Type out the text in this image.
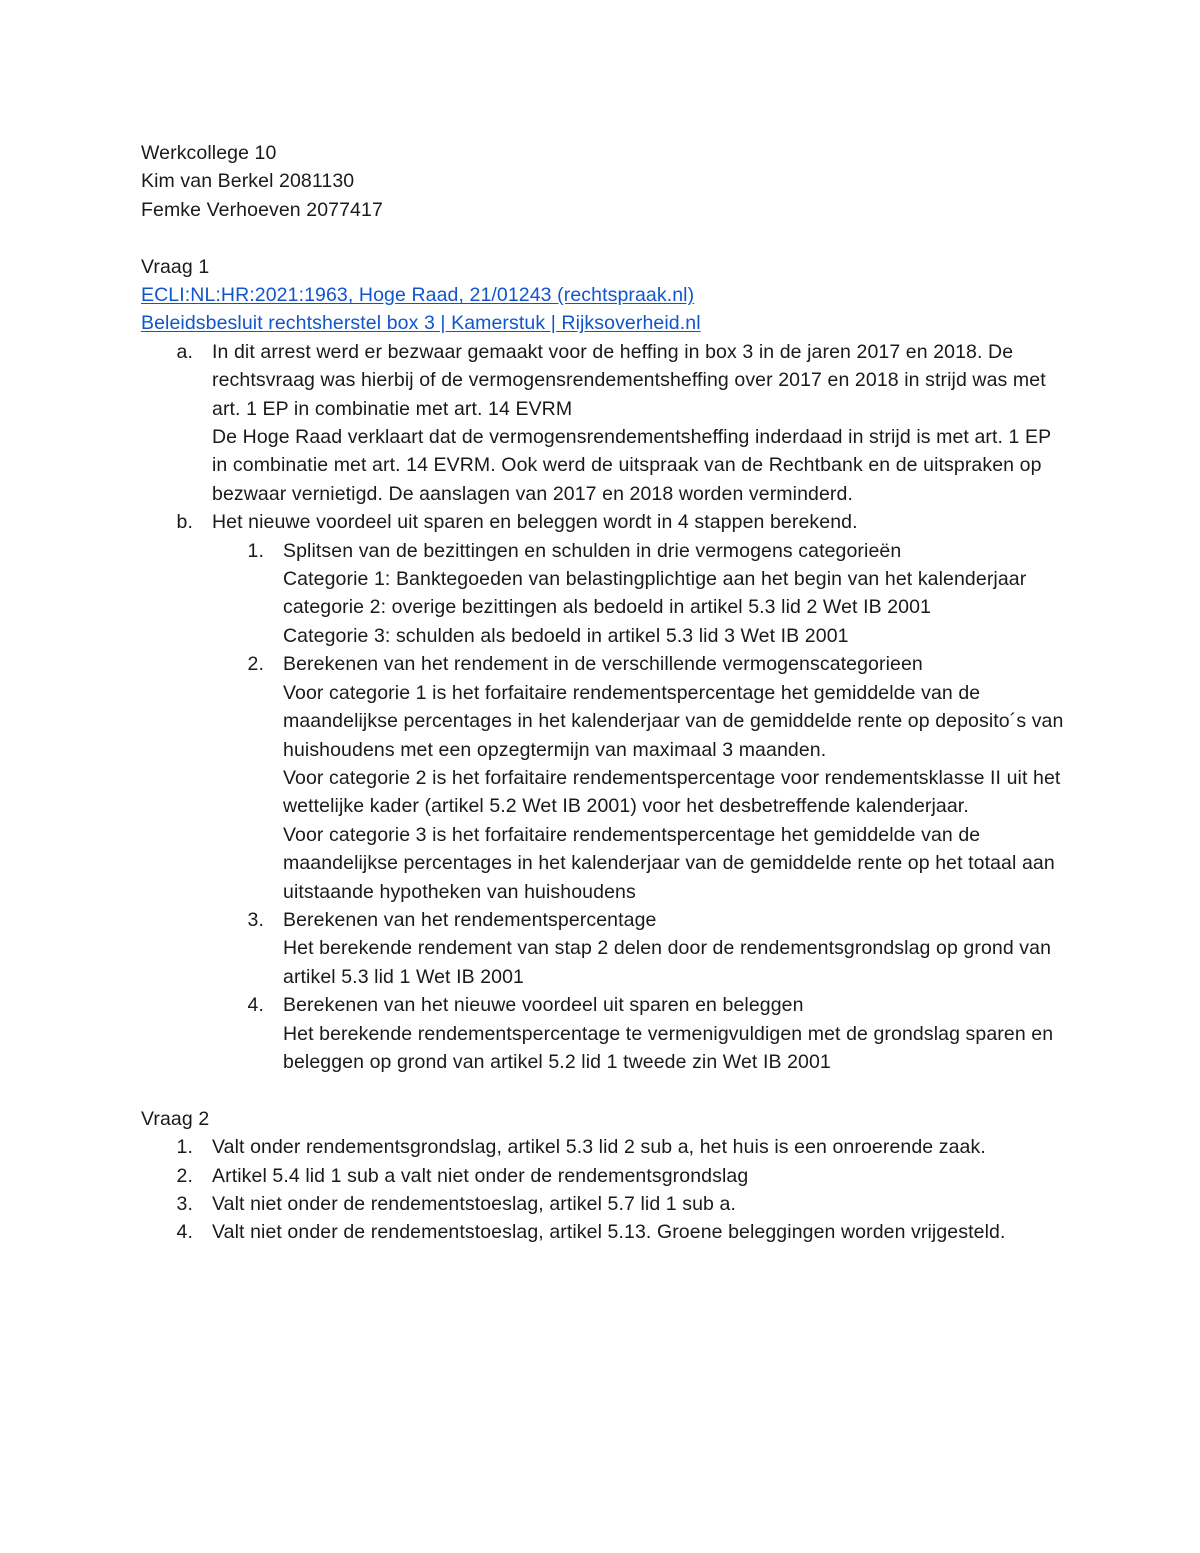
Werkcollege 10
Kim van Berkel 2081130
Femke Verhoeven 2077417
Vraag 1
ECLI:NL:HR:2021:1963, Hoge Raad, 21/01243 (rechtspraak.nl)
Beleidsbesluit rechtsherstel box 3 | Kamerstuk | Rijksoverheid.nl
a. In dit arrest werd er bezwaar gemaakt voor de heffing in box 3 in de jaren 2017 en 2018. De rechtsvraag was hierbij of de vermogensrendementsheffing over 2017 en 2018 in strijd was met art. 1 EP in combinatie met art. 14 EVRM
De Hoge Raad verklaart dat de vermogensrendementsheffing inderdaad in strijd is met art. 1 EP in combinatie met art. 14 EVRM. Ook werd de uitspraak van de Rechtbank en de uitspraken op bezwaar vernietigd. De aanslagen van 2017 en 2018 worden verminderd.
b. Het nieuwe voordeel uit sparen en beleggen wordt in 4 stappen berekend.
1. Splitsen van de bezittingen en schulden in drie vermogens categorieën
Categorie 1: Banktegoeden van belastingplichtige aan het begin van het kalenderjaar
categorie 2: overige bezittingen als bedoeld in artikel 5.3 lid 2 Wet IB 2001
Categorie 3: schulden als bedoeld in artikel 5.3 lid 3 Wet IB 2001
2. Berekenen van het rendement in de verschillende vermogenscategorieen
Voor categorie 1 is het forfaitaire rendementspercentage het gemiddelde van de maandelijkse percentages in het kalenderjaar van de gemiddelde rente op deposito´s van huishoudens met een opzegtermijn van maximaal 3 maanden.
Voor categorie 2 is het forfaitaire rendementspercentage voor rendementsklasse II uit het wettelijke kader (artikel 5.2 Wet IB 2001) voor het desbetreffende kalenderjaar.
Voor categorie 3 is het forfaitaire rendementspercentage het gemiddelde van de maandelijkse percentages in het kalenderjaar van de gemiddelde rente op het totaal aan uitstaande hypotheken van huishoudens
3. Berekenen van het rendementspercentage
Het berekende rendement van stap 2 delen door de rendementsgrondslag op grond van artikel 5.3 lid 1 Wet IB 2001
4. Berekenen van het nieuwe voordeel uit sparen en beleggen
Het berekende rendementspercentage te vermenigvuldigen met de grondslag sparen en beleggen op grond van artikel 5.2 lid 1 tweede zin Wet IB 2001
Vraag 2
1. Valt onder rendementsgrondslag, artikel 5.3 lid 2 sub a, het huis is een onroerende zaak.
2. Artikel 5.4 lid 1 sub a valt niet onder de rendementsgrondslag
3. Valt niet onder de rendementstoeslag, artikel 5.7 lid 1 sub a.
4. Valt niet onder de rendementstoeslag, artikel 5.13. Groene beleggingen worden vrijgesteld.
